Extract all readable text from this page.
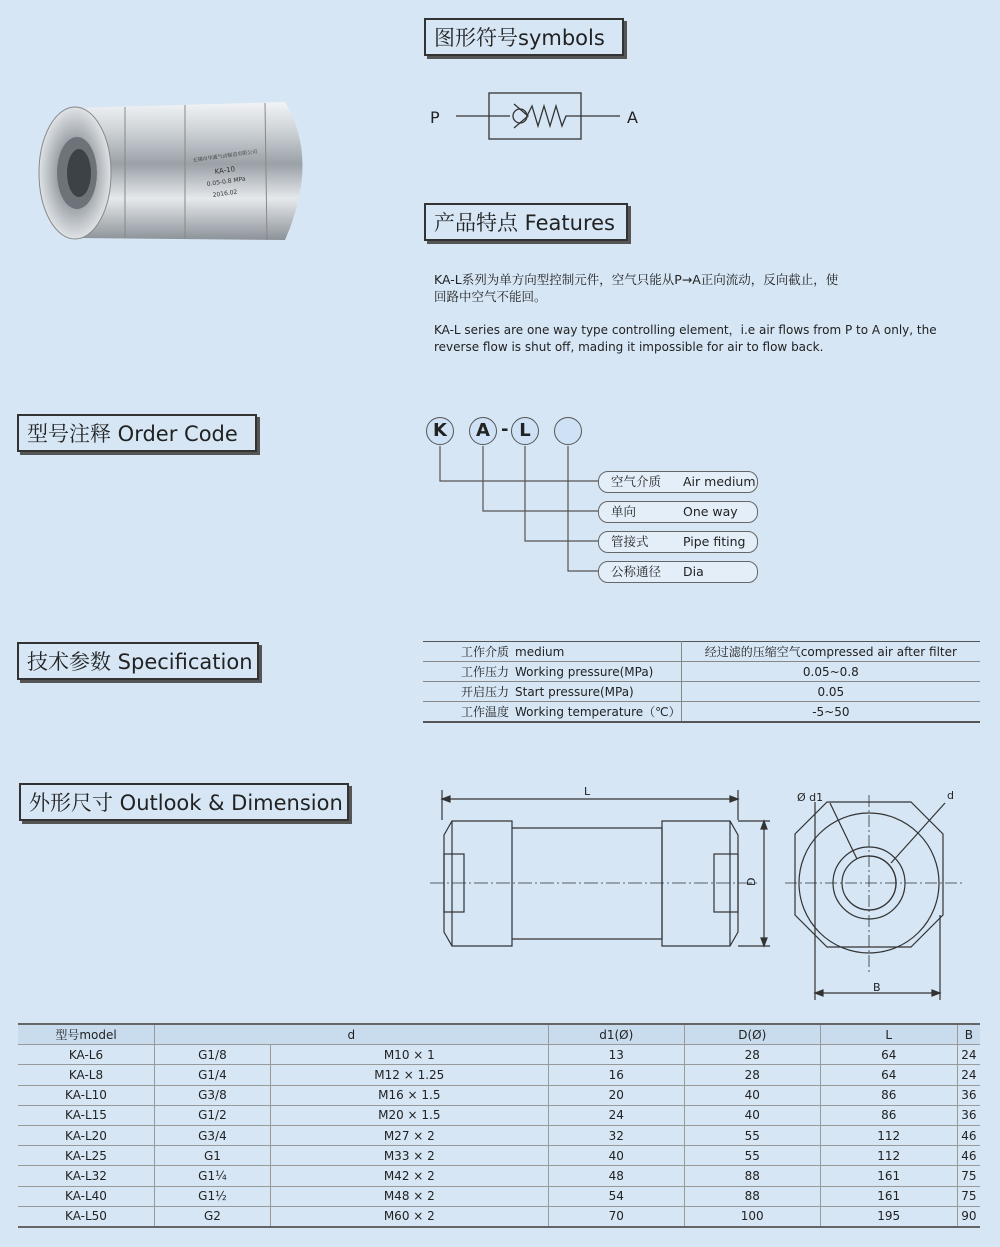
无锡市华通气动制造有限公司
KA-10
0.05-0.8 MPa
2016.02
图形符号symbols
产品特点 Features
型号注释 Order Code
技术参数 Specification
外形尺寸 Outlook & Dimension
P	A
KA-L系列为单方向型控制元件，空气只能从P→A正向流动，反向截止，使
回路中空气不能回。
KA-L series are one way type controlling element，i.e air flows from P to A only, the
reverse flow is shut off, mading it impossible for air to flow back.
K	A - L
空气介质 Air medium
单向	One way
管接式	Pipe fiting
公称通径 Dia
工作介质 medium	经过滤的压缩空气compressed air after filter
工作压力 Working pressure(MPa)	0.05~0.8
开启压力 Start pressure(MPa)	0.05
工作温度 Working temperature（℃）	-5~50
L
D
Ø d1	d
B
型号model	d		d1(Ø)	D(Ø)	L	B
KA-L6	G1/8	M10 × 1	13	28	64	24
KA-L8	G1/4	M12 × 1.25	16	28	64	24
KA-L10	G3/8	M16 × 1.5	20	40	86	36
KA-L15	G1/2	M20 × 1.5	24	40	86	36
KA-L20	G3/4	M27 × 2	32	55	112	46
KA-L25	G1	M33 × 2	40	55	112	46
KA-L32	G1¼	M42 × 2	48	88	161	75
KA-L40	G1½	M48 × 2	54	88	161	75
KA-L50	G2	M60 × 2	70	100	195	90
